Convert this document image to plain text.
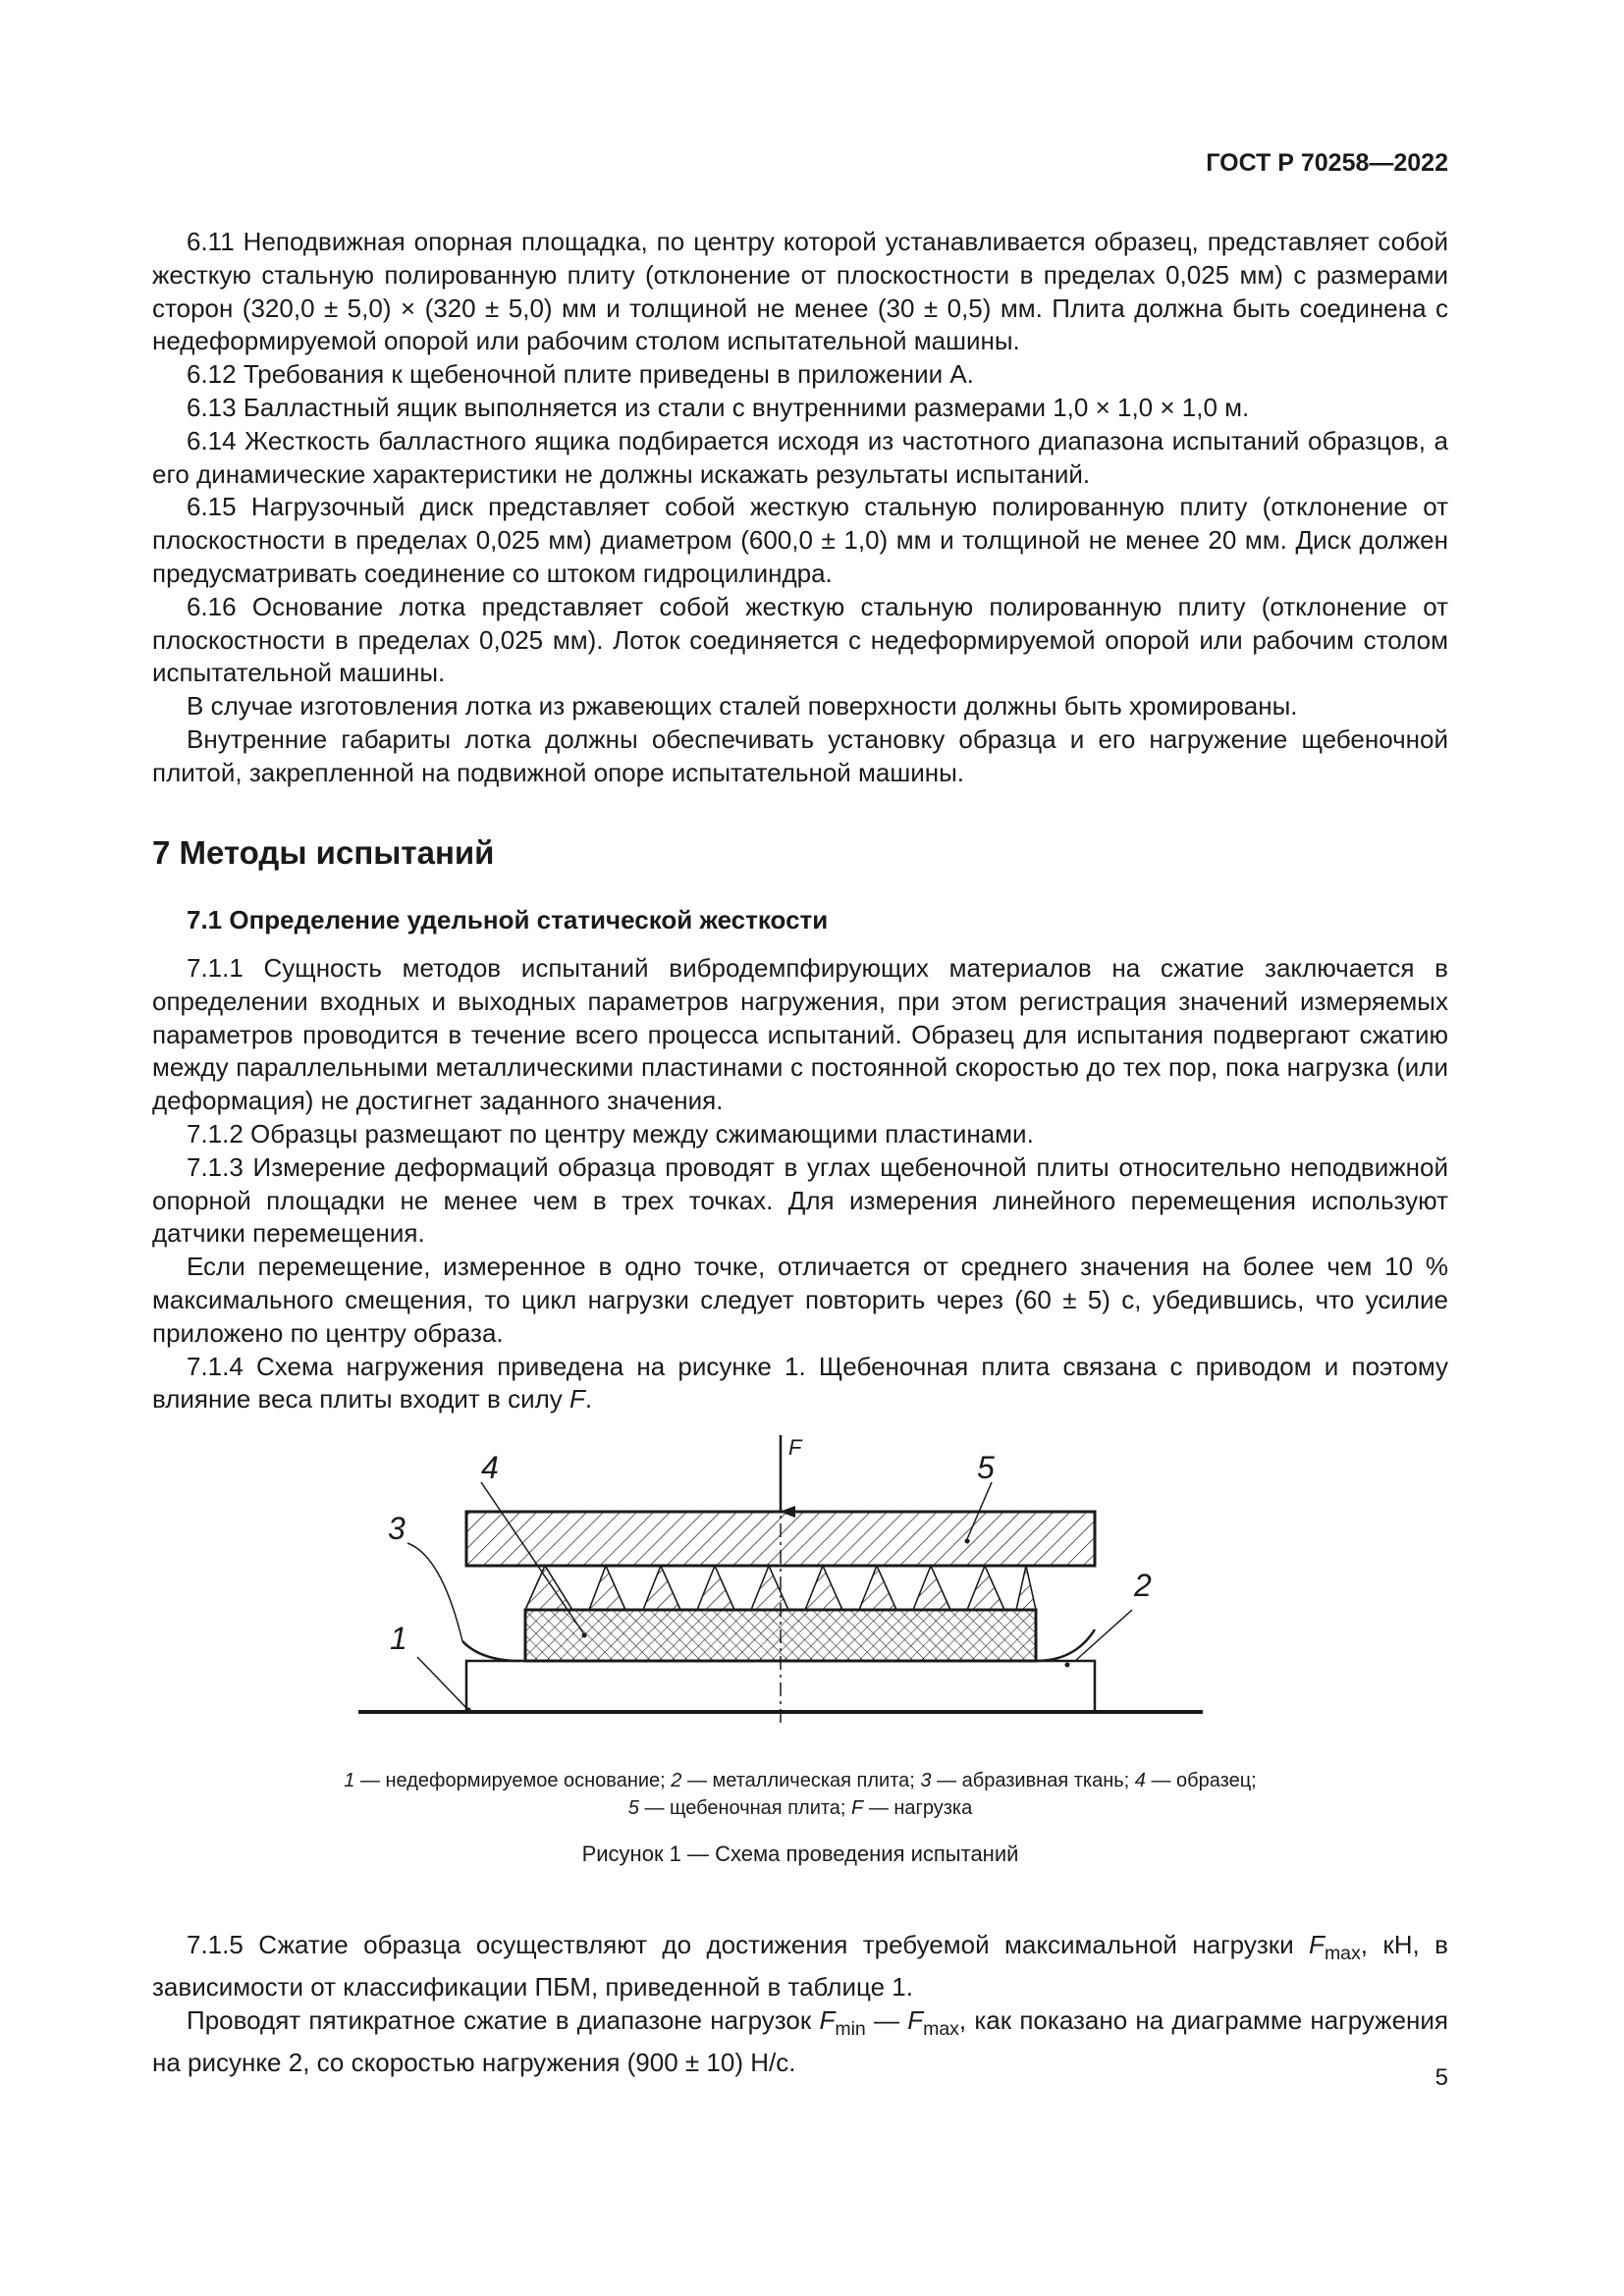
ГОСТ Р 70258—2022

6.11 Неподвижная опорная площадка, по центру которой устанавливается образец, представляет собой жесткую стальную полированную плиту (отклонение от плоскостности в пределах 0,025 мм) с размерами сторон (320,0 ± 5,0) × (320 ± 5,0) мм и толщиной не менее (30 ± 0,5) мм. Плита должна быть соединена с недеформируемой опорой или рабочим столом испытательной машины.

6.12 Требования к щебеночной плите приведены в приложении А.

6.13 Балластный ящик выполняется из стали с внутренними размерами 1,0 × 1,0 × 1,0 м.

6.14 Жесткость балластного ящика подбирается исходя из частотного диапазона испытаний образцов, а его динамические характеристики не должны искажать результаты испытаний.

6.15 Нагрузочный диск представляет собой жесткую стальную полированную плиту (отклонение от плоскостности в пределах 0,025 мм) диаметром (600,0 ± 1,0) мм и толщиной не менее 20 мм. Диск должен предусматривать соединение со штоком гидроцилиндра.

6.16 Основание лотка представляет собой жесткую стальную полированную плиту (отклонение от плоскостности в пределах 0,025 мм). Лоток соединяется с недеформируемой опорой или рабочим столом испытательной машины.

В случае изготовления лотка из ржавеющих сталей поверхности должны быть хромированы.

Внутренние габариты лотка должны обеспечивать установку образца и его нагружение щебеночной плитой, закрепленной на подвижной опоре испытательной машины.

7 Методы испытаний
7.1 Определение удельной статической жесткости

7.1.1 Сущность методов испытаний вибродемпфирующих материалов на сжатие заключается в определении входных и выходных параметров нагружения, при этом регистрация значений измеряемых параметров проводится в течение всего процесса испытаний. Образец для испытания подвергают сжатию между параллельными металлическими пластинами с постоянной скоростью до тех пор, пока нагрузка (или деформация) не достигнет заданного значения.

7.1.2 Образцы размещают по центру между сжимающими пластинами.

7.1.3 Измерение деформаций образца проводят в углах щебеночной плиты относительно неподвижной опорной площадки не менее чем в трех точках. Для измерения линейного перемещения используют датчики перемещения.

Если перемещение, измеренное в одно точке, отличается от среднего значения на более чем 10 % максимального смещения, то цикл нагрузки следует повторить через (60 ± 5) с, убедившись, что усилие приложено по центру образа.

7.1.4 Схема нагружения приведена на рисунке 1. Щебеночная плита связана с приводом и поэтому влияние веса плиты входит в силу F.

F
1
2
3
4	5
1 — недеформируемое основание; 2 — металлическая плита; 3 — абразивная ткань; 4 — образец;
5 — щебеночная плита; F — нагрузка
Рисунок 1 — Схема проведения испытаний

7.1.5 Сжатие образца осуществляют до достижения требуемой максимальной нагрузки $F_{max}$, кН, в зависимости от классификации ПБМ, приведенной в таблице 1.

Проводят пятикратное сжатие в диапазоне нагрузок $F_{min}$ — $F_{max}$, как показано на диаграмме нагружения на рисунке 2, со скоростью нагружения (900 ± 10) Н/с.

5
